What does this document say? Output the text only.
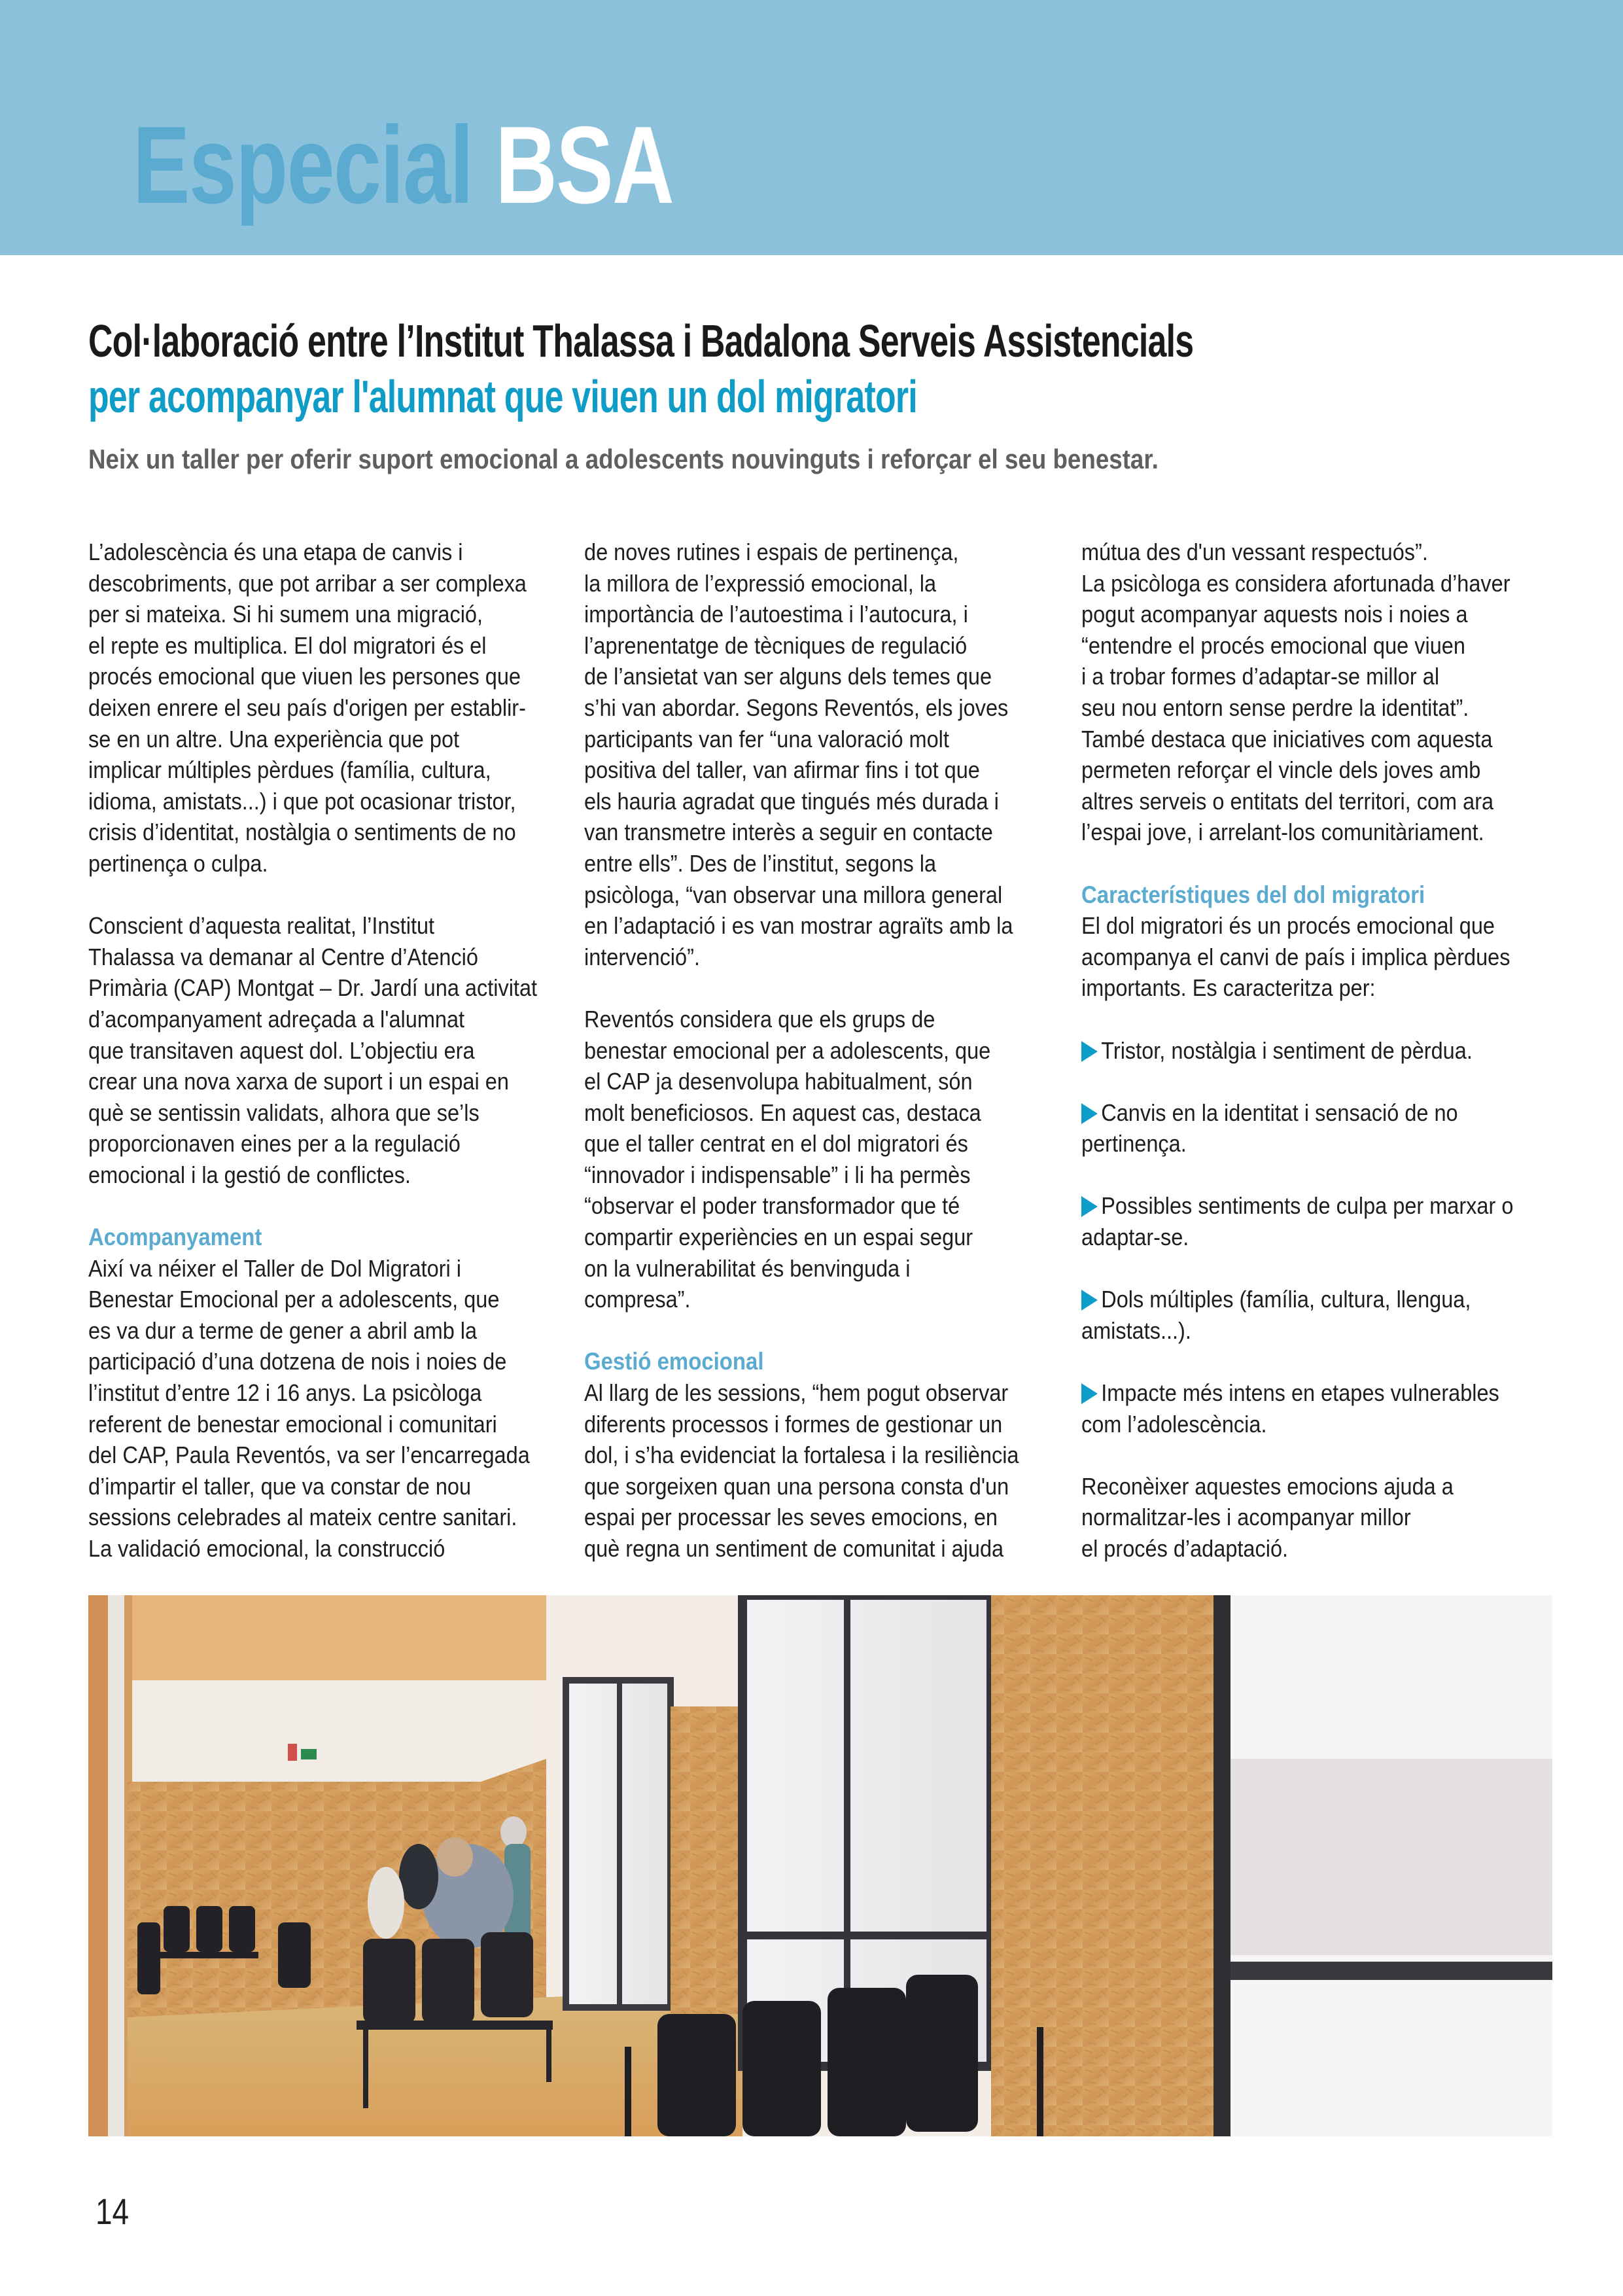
Especial BSA
Col·laboració entre l’Institut Thalassa i Badalona Serveis Assistencials
per acompanyar l'alumnat que viuen un dol migratori

Neix un taller per oferir suport emocional a adolescents nouvinguts i reforçar el seu benestar.

L’adolescència és una etapa de canvis i
descobriments, que pot arribar a ser complexa
per si mateixa. Si hi sumem una migració,
el repte es multiplica. El dol migratori és el
procés emocional que viuen les persones que
deixen enrere el seu país d'origen per establir-
se en un altre. Una experiència que pot
implicar múltiples pèrdues (família, cultura,
idioma, amistats...) i que pot ocasionar tristor,
crisis d’identitat, nostàlgia o sentiments de no
pertinença o culpa.
Conscient d’aquesta realitat, l’Institut
Thalassa va demanar al Centre d’Atenció
Primària (CAP) Montgat – Dr. Jardí una activitat
d’acompanyament adreçada a l'alumnat
que transitaven aquest dol. L’objectiu era
crear una nova xarxa de suport i un espai en
què se sentissin validats, alhora que se’ls
proporcionaven eines per a la regulació
emocional i la gestió de conflictes.
Acompanyament
Així va néixer el Taller de Dol Migratori i
Benestar Emocional per a adolescents, que
es va dur a terme de gener a abril amb la
participació d’una dotzena de nois i noies de
l’institut d’entre 12 i 16 anys. La psicòloga
referent de benestar emocional i comunitari
del CAP, Paula Reventós, va ser l’encarregada
d’impartir el taller, que va constar de nou
sessions celebrades al mateix centre sanitari.
La validació emocional, la construcció
de noves rutines i espais de pertinença,
la millora de l’expressió emocional, la
importància de l’autoestima i l’autocura, i
l’aprenentatge de tècniques de regulació
de l’ansietat van ser alguns dels temes que
s’hi van abordar. Segons Reventós, els joves
participants van fer “una valoració molt
positiva del taller, van afirmar fins i tot que
els hauria agradat que tingués més durada i
van transmetre interès a seguir en contacte
entre ells”. Des de l’institut, segons la
psicòloga, “van observar una millora general
en l’adaptació i es van mostrar agraïts amb la
intervenció”.
Reventós considera que els grups de
benestar emocional per a adolescents, que
el CAP ja desenvolupa habitualment, són
molt beneficiosos. En aquest cas, destaca
que el taller centrat en el dol migratori és
“innovador i indispensable” i li ha permès
“observar el poder transformador que té
compartir experiències en un espai segur
on la vulnerabilitat és benvinguda i
compresa”.
Gestió emocional
Al llarg de les sessions, “hem pogut observar
diferents processos i formes de gestionar un
dol, i s’ha evidenciat la fortalesa i la resiliència
que sorgeixen quan una persona consta d'un
espai per processar les seves emocions, en
què regna un sentiment de comunitat i ajuda
mútua des d'un vessant respectuós”.
La psicòloga es considera afortunada d’haver
pogut acompanyar aquests nois i noies a
“entendre el procés emocional que viuen
i a trobar formes d’adaptar-se millor al
seu nou entorn sense perdre la identitat”.
També destaca que iniciatives com aquesta
permeten reforçar el vincle dels joves amb
altres serveis o entitats del territori, com ara
l’espai jove, i arrelant-los comunitàriament.
Característiques del dol migratori
El dol migratori és un procés emocional que
acompanya el canvi de país i implica pèrdues
importants. Es caracteritza per:
Tristor, nostàlgia i sentiment de pèrdua.
Canvis en la identitat i sensació de no
pertinença.
Possibles sentiments de culpa per marxar o
adaptar-se.
Dols múltiples (família, cultura, llengua,
amistats...).
Impacte més intens en etapes vulnerables
com l’adolescència.
Reconèixer aquestes emocions ajuda a
normalitzar-les i acompanyar millor
el procés d’adaptació.
14
